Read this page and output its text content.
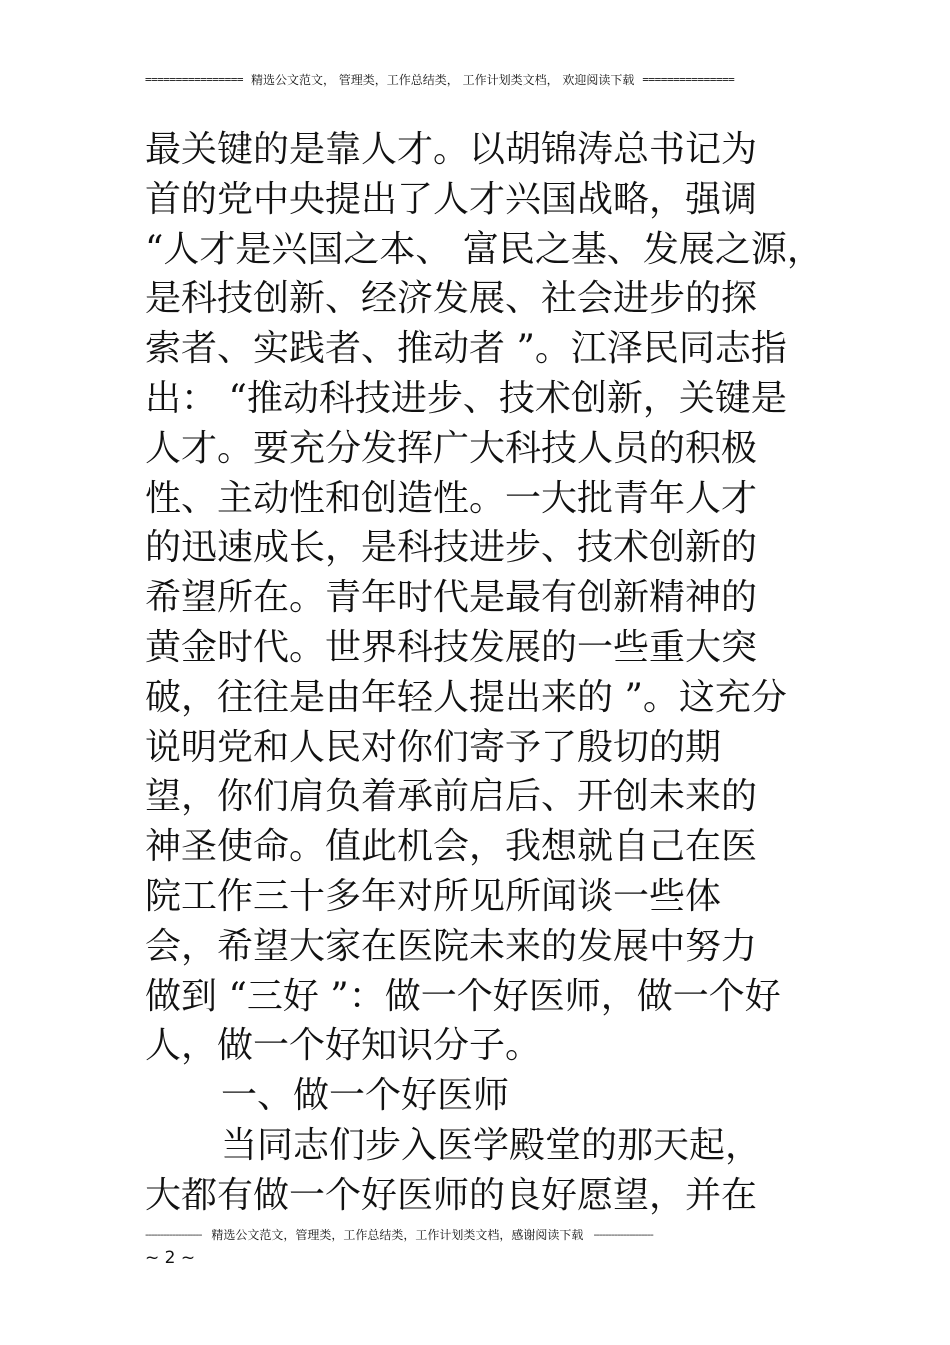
================ 精选公文范文， 管理类，工作总结类， 工作计划类文档， 欢迎阅读下载 ===============
最关键的是靠人才。以胡锦涛总书记为
首的党中央提出了人才兴国战略，强调
“人才是兴国之本、 富民之基、发展之源，
是科技创新、经济发展、社会进步的探
索者、实践者、推动者 ”。江泽民同志指
出： “推动科技进步、技术创新，关键是
人才。要充分发挥广大科技人员的积极
性、主动性和创造性。一大批青年人才
的迅速成长，是科技进步、技术创新的
希望所在。青年时代是最有创新精神的
黄金时代。世界科技发展的一些重大突
破，往往是由年轻人提出来的 ”。这充分
说明党和人民对你们寄予了殷切的期
望，你们肩负着承前启后、开创未来的
神圣使命。值此机会，我想就自己在医
院工作三十多年对所见所闻谈一些体
会，希望大家在医院未来的发展中努力
做到 “三好 ”：做一个好医师，做一个好
人，做一个好知识分子。
一、做一个好医师
当同志们步入医学殿堂的那天起，
大都有做一个好医师的良好愿望，并在
------------------- 精选公文范文，管理类，工作总结类，工作计划类文档，感谢阅读下载 --------------------
~ 2 ~
